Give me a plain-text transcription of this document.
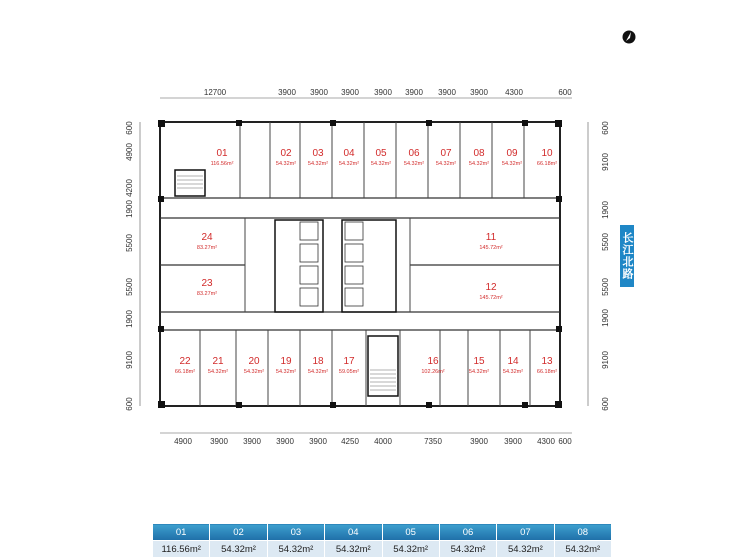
12700	3900 3900 3900 3900 3900 3900 3900 4300	600
4900 3900 3900 3900 3900 4250 4000	7350	3900 3900 4300 600
600
4900
4200
1900
5500
5500
1900
9100
600
600
9100
1900
5500
5500
1900
9100
600
01
116.56m²
02
54.32m²
03
54.32m²
04
54.32m²
05
54.32m²
06
54.32m²
07
54.32m²
08
54.32m²
09
54.32m²
10
66.18m²
11
145.72m²
12
145.72m²
13
66.18m²
14
54.32m²
15
54.32m²
16
102.26m²
17
59.05m²
18
54.32m²
19
54.32m²
20
54.32m²
21
54.32m²
22
66.18m²
23
83.27m²
24
83.27m²	长江北路
01	02	03	04	05	06	07	08
116.56m²	54.32m²	54.32m²	54.32m²	54.32m²	54.32m²	54.32m²	54.32m²
